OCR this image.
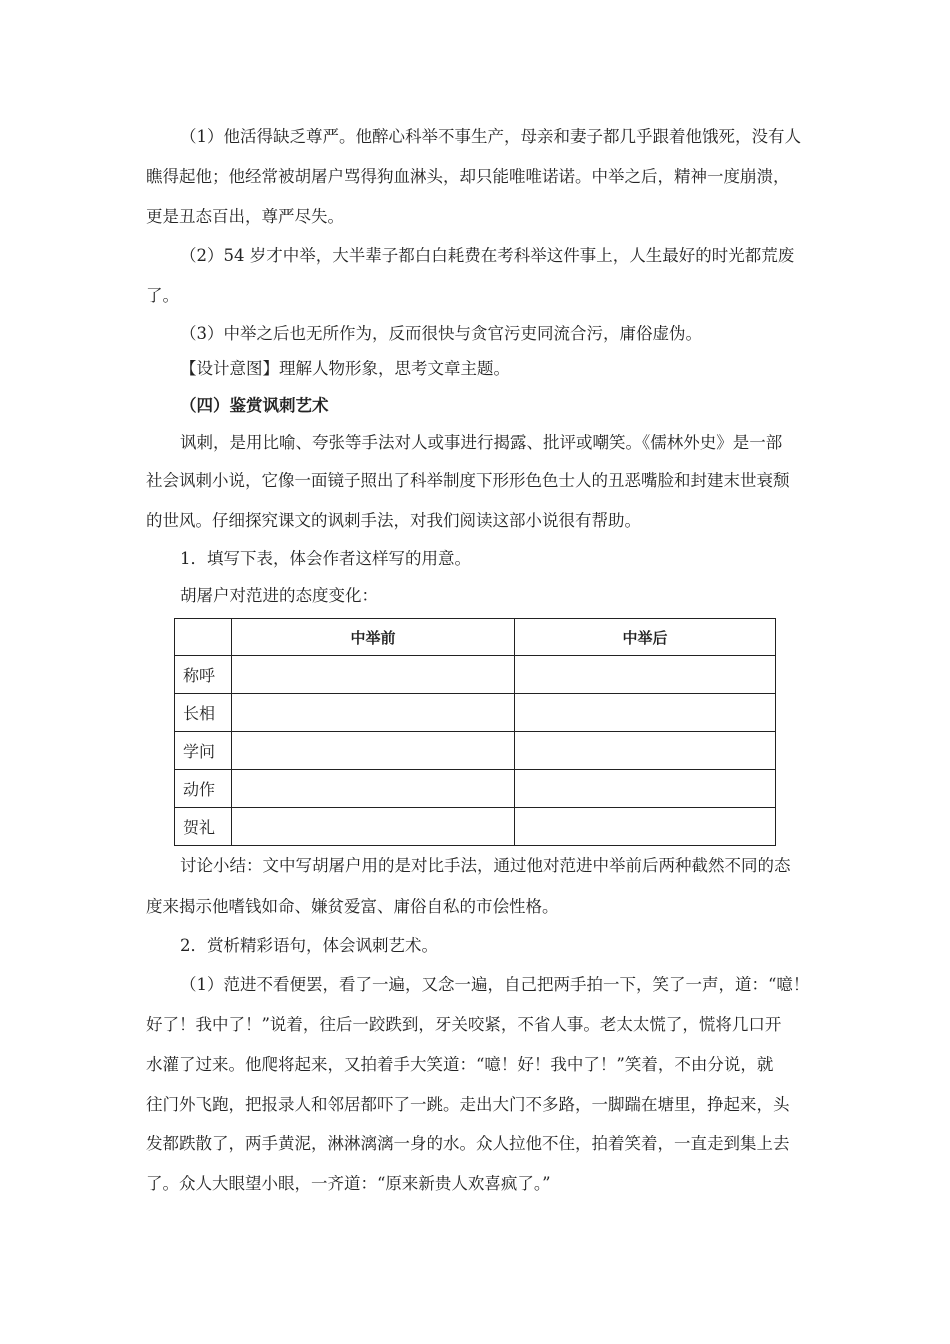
（1）他活得缺乏尊严。他醉心科举不事生产，母亲和妻子都几乎跟着他饿死，没有人
瞧得起他；他经常被胡屠户骂得狗血淋头，却只能唯唯诺诺。中举之后，精神一度崩溃，
更是丑态百出，尊严尽失。
（2）54 岁才中举，大半辈子都白白耗费在考科举这件事上，人生最好的时光都荒废
了。
（3）中举之后也无所作为，反而很快与贪官污吏同流合污，庸俗虚伪。
【设计意图】理解人物形象，思考文章主题。
（四）鉴赏讽刺艺术
讽刺，是用比喻、夸张等手法对人或事进行揭露、批评或嘲笑。《儒林外史》是一部
社会讽刺小说，它像一面镜子照出了科举制度下形形色色士人的丑恶嘴脸和封建末世衰颓
的世风。仔细探究课文的讽刺手法，对我们阅读这部小说很有帮助。
1．填写下表，体会作者这样写的用意。
胡屠户对范进的态度变化：
	中举前	中举后
称呼		
长相		
学问		
动作		
贺礼		
讨论小结：文中写胡屠户用的是对比手法，通过他对范进中举前后两种截然不同的态
度来揭示他嗜钱如命、嫌贫爱富、庸俗自私的市侩性格。
2．赏析精彩语句，体会讽刺艺术。
（1）范进不看便罢，看了一遍，又念一遍，自己把两手拍一下，笑了一声，道：“噫！
好了！我中了！”说着，往后一跤跌到，牙关咬紧，不省人事。老太太慌了，慌将几口开
水灌了过来。他爬将起来，又拍着手大笑道：“噫！好！我中了！”笑着，不由分说，就
往门外飞跑，把报录人和邻居都吓了一跳。走出大门不多路，一脚踹在塘里，挣起来，头
发都跌散了，两手黄泥，淋淋漓漓一身的水。众人拉他不住，拍着笑着，一直走到集上去
了。众人大眼望小眼，一齐道：“原来新贵人欢喜疯了。”
